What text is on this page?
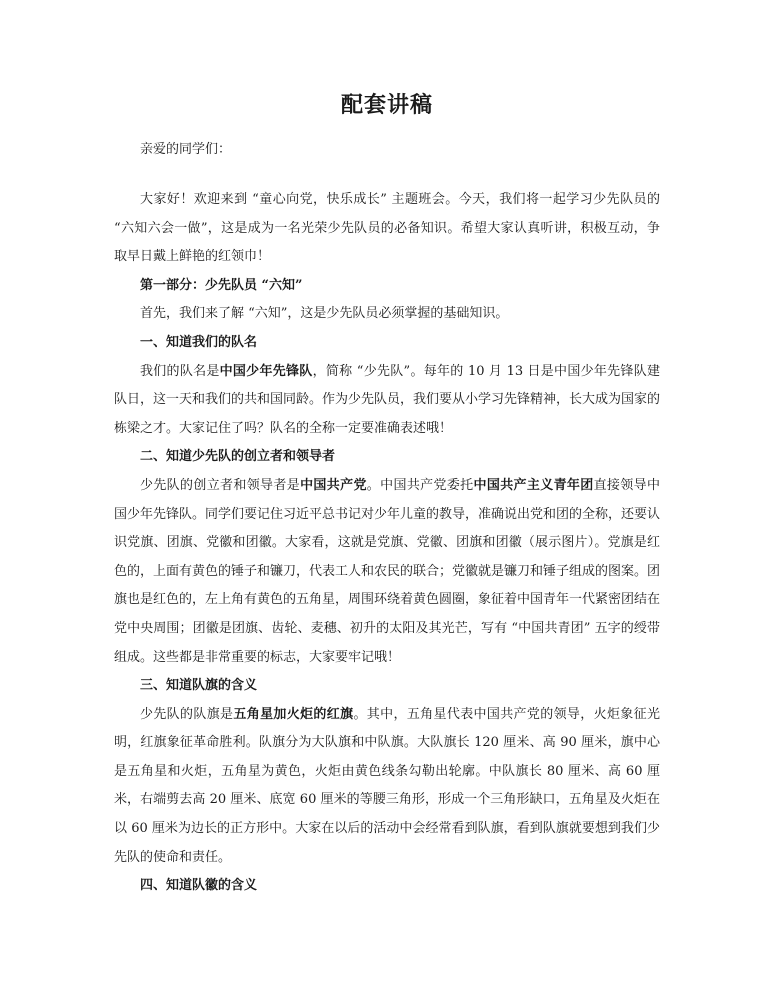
配套讲稿

亲爱的同学们：

大家好！欢迎来到 “童心向党，快乐成长” 主题班会。今天，我们将一起学习少先队员的 “六知六会一做”，这是成为一名光荣少先队员的必备知识。希望大家认真听讲，积极互动，争取早日戴上鲜艳的红领巾！

第一部分：少先队员 “六知”

首先，我们来了解 “六知”，这是少先队员必须掌握的基础知识。

一、知道我们的队名

我们的队名是中国少年先锋队，简称 “少先队”。每年的 10 月 13 日是中国少年先锋队建队日，这一天和我们的共和国同龄。作为少先队员，我们要从小学习先锋精神，长大成为国家的栋梁之才。大家记住了吗？队名的全称一定要准确表述哦！

二、知道少先队的创立者和领导者

少先队的创立者和领导者是中国共产党。中国共产党委托中国共产主义青年团直接领导中国少年先锋队。同学们要记住习近平总书记对少年儿童的教导，准确说出党和团的全称，还要认识党旗、团旗、党徽和团徽。大家看，这就是党旗、党徽、团旗和团徽（展示图片）。党旗是红色的，上面有黄色的锤子和镰刀，代表工人和农民的联合；党徽就是镰刀和锤子组成的图案。团旗也是红色的，左上角有黄色的五角星，周围环绕着黄色圆圈，象征着中国青年一代紧密团结在党中央周围；团徽是团旗、齿轮、麦穗、初升的太阳及其光芒，写有 “中国共青团” 五字的绶带组成。这些都是非常重要的标志，大家要牢记哦！

三、知道队旗的含义

少先队的队旗是五角星加火炬的红旗。其中，五角星代表中国共产党的领导，火炬象征光明，红旗象征革命胜利。队旗分为大队旗和中队旗。大队旗长 120 厘米、高 90 厘米，旗中心是五角星和火炬，五角星为黄色，火炬由黄色线条勾勒出轮廓。中队旗长 80 厘米、高 60 厘米，右端剪去高 20 厘米、底宽 60 厘米的等腰三角形，形成一个三角形缺口，五角星及火炬在以 60 厘米为边长的正方形中。大家在以后的活动中会经常看到队旗，看到队旗就要想到我们少先队的使命和责任。

四、知道队徽的含义
